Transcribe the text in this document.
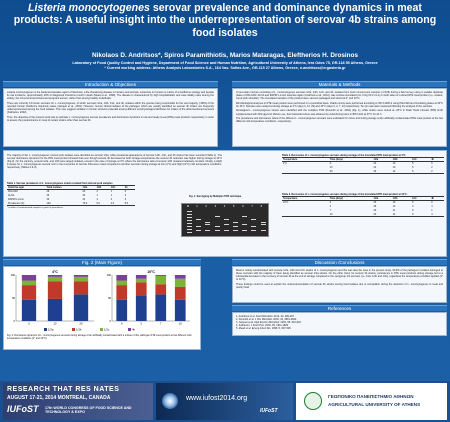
Listeria monocytogenes serovar prevalence and dominance dynamics in meat products: A useful insight into the underrepresentation of serovar 4b strains among food isolates
Nikolaos D. Andritsos*, Spiros Paramithiotis, Marios Mataragas, Eleftherios H. Drosinos
Laboratory of Food Quality Control and Hygiene, Department of Food Science and Human Nutrition, Agricultural University of Athens, Iera Odos 75, GR-118 55 Athens, Greece
* Current working address: Athens Analysis Laboratories S.A., 164 Vas. Sofias Ave., GR-115 27 Athens, Greece, n.andritsos@ergasteria.gr
Introduction & Objectives

Listeria monocytogenes is the bacterial causative agent of listeriosis, a life-threatening disease in humans and animals. Listeriosis in humans is mainly of a foodborne etiology and despite its low incidence, approximately 20% of diagnosed infections result in death (Mead et al., 1999). The disease is characterized by high hospitalization and case fatality rates among the elderly, the immunocompromised and pregnant women, rather than among healthy individuals.

There are currently 13 known serovars for L. monocytogenes, of which serovars 1/2a, 1/2b, 1/2c, and 4b, isolates within the species being responsible for the vast majority (>98%) of the reported human foodborne listeriosis cases (Jacquet et al., 2002). However, human clinical isolates of the pathogen which are usually identified as serovar 4b strains are frequently underrepresented among the food isolates. This may suggest variation in human virulence potential among different ecophysiological attributes for strains of the aforementioned serovars (Kathariou, 2002).

Thus, the objective of the present work was to estimate L. monocytogenes serovar prevalence and dominance dynamics in raw and ready-to-eat (RTE) meat products respectively, in order to assess the predominance in meat of certain strains other than serovar 4b.

Materials & Methods

A four-strain mixture consisting of L. monocytogenes serovars 1/2a, 1/2b, 1/2c, and 4b, isolated from fresh minced pork samples (n=105) during a field survey using in parallel duplicate plates of PALCAM, ALOA and RAPID'L.mono selective agars (Andritsos et al., 2012), was surface-inoculated (ca. 6 log CFU ml-1) on both sides of a sliced RTE meat product (i.e. cooked, cured pork shoulder). The inoculated samples of the product were vacuum-packaged and stored at 4° and 10°C.

Microbiological analyses of RTE meat product were performed on a periodical basis. Viable counts were performed according to ISO 11290-2 using PALCAM and incubating plates at 30°C for 48 h. Samples were analyzed during storage at 4°C (days 0, 13, 29) and 10°C (days 0, 2, 7, 10) respectively. Ten pin was also measured following the analysis of the samples.

Serological L. monocytogenes strains were identified with the multiplex PCR (Doumith et al., 2004) (Fig. 1), while strains were stored at -20°C in Brain Heart Infusion (BHI) broth supplemented with 20% glycerol. Before use, their bacterial culture was obtained by subculturing twice in BHI broth at 37°C for 24 h.

The prevalence and dominance ratios of the different L. monocytogenes serovars were estimated for mince and during storage at the artificially contaminated RTE meat product at the two different cold temperature conditions, respectively.

The majority of the L. monocytogenes minced pork isolates were identified as serovar 1/2a, while occasional appearance of serovar 1/2b, 1/2c, and 4b strains has been recorded (Table 1). The serovar dominance dynamics for the RTE meat product showed that even though serovar 4b decreased at both storage temperatures the serovar 4b reduction was higher during storage at 10°C (Fig.2). On the contrary, serovar 1/2a, and 1/2b were largely isolated, except in the case of storage at 4°C where the dominance ratio of serovar 1/2b remained relatively constant. Finally, a slight increase for L. monocytogenes serovar 1/2c in the recoveries of serovar 1/2a were noted compared to all other serovars during storage at low (4°C) and high (10°C) cold temperature conditions, respectively (Tables 2 & 3).
Table 1. Serovar prevalence of L. monocytogenes strains isolated from minced pork samples.
Selective agar	Total isolates	1/2a	1/2b	1/2c	4b
PALCAM	28	23	4	1	0
ALOA	36	32	1	1	2
RAPID'L.mono	36	24	4	2	6
Prevalence (%)	100	79.0	9.0	4.0	8.0
* number of contaminated samples is given in parenthesis
Fig. 1. Serotyping by Multiplex PCR technique
Table 2. Recoveries of L. monocytogenes serovars during storage of the inoculated RTE meat product at 4°C.
Temperature	Time (days)	1/2a	1/2b	1/2c	4b
4°C	0	23	16	5	6
	13	24	19	5	2
	29	29	14	5	2
Table 3. Recoveries of L. monocytogenes serovars during storage of the inoculated RTE meat product at 10°C.
Temperature	Time (days)	1/2a	1/2b	1/2c	4b
10°C	0	23	16	5	6
	2	28	14	4	4
	7	29	11	9	1
	10	23	14	9	4
M	1	2	3	4	5	6	7	8
Fig. 2 (Main Figure)
4°C
0
50
100
0	13	29
10°C
0
50
100
0	2	7	10
1/2a	1/2b	1/2c	4b
Fig. 2. Dominance dynamics of L. monocytogenes serovars during storage of an artificially contaminated with a mixture of the pathogen RTE meat product at two different cold temperature conditions (4° and 10°C).
Discussion /Conclusions

Meat is mainly contaminated with serovar 1/2a, 1/2b and 1/2c strains of L. monocytogenes and this was also the case in the present study. 90.8% of the pathogen's isolates belonged to these serovars with the majority of them being identified as serovar 1/2a strains. On the other hand, for serovar 4b strains, persistence in RTE meat products during storage led to a substantial decrease in the recovery of serovar 4b at the end of storage compared to the serogroup 1/2 serovars (i.e. 1/2a, 1/2b and 1/2c), regardless the temperature condition applied (4° or 10°C).

These findings could be used to explain the underrepresentation of serovar 4b strains among food isolates due to competition during the detection of L. monocytogenes in meat and poultry food.

References
1. Andritsos et al. Food Microbiol. 2012, 32, 289-297.
2. Doumith et al. J Clin Microbiol. 2004, 42, 3819-3822.
3. Jacquet et al. Appl Environ Microbiol. 2002, 68, 616-623.
4. Kathariou. J Food Prot. 2002, 65, 1811-1829.
5. Mead et al. Emerg Infect Dis. 1999, 5, 607-625.
RESEARCH THAT RES NATES
AUGUST 17-21, 2014 MONTREAL, CANADA
IUFoST 17th WORLD CONGRESS OF FOOD SCIENCE AND TECHNOLOGY & EXPO
www.iufost2014.org
IUFoST
ΓΕΩΠΟΝΙΚΟ ΠΑΝΕΠΙΣΤΗΜΙΟ ΑΘΗΝΩΝ
AGRICULTURAL UNIVERSITY OF ATHENS
